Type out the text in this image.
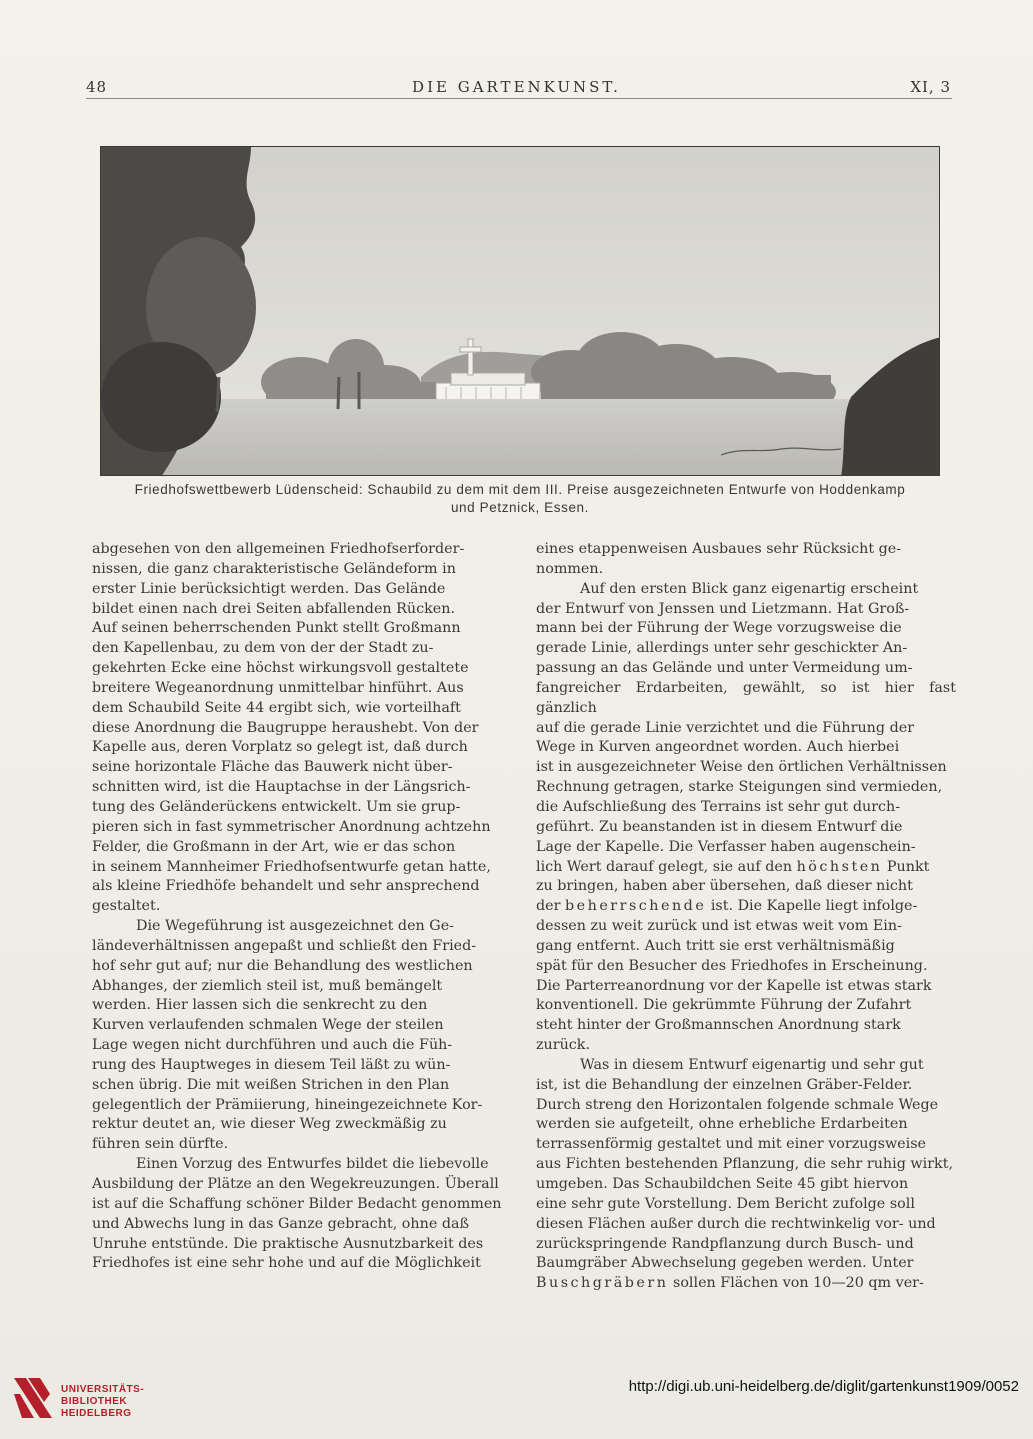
48	DIE GARTENKUNST.	XI, 3
Friedhofswettbewerb Lüdenscheid: Schaubild zu dem mit dem III. Preise ausgezeichneten Entwurfe von Hoddenkamp
und Petznick, Essen.

abgesehen von den allgemeinen Friedhofserforder-

nissen, die ganz charakteristische Geländeform in

erster Linie berücksichtigt werden. Das Gelände

bildet einen nach drei Seiten abfallenden Rücken.

Auf seinen beherrschenden Punkt stellt Großmann

den Kapellenbau, zu dem von der der Stadt zu-

gekehrten Ecke eine höchst wirkungsvoll gestaltete

breitere Wegeanordnung unmittelbar hinführt. Aus

dem Schaubild Seite 44 ergibt sich, wie vorteilhaft

diese Anordnung die Baugruppe heraushebt. Von der

Kapelle aus, deren Vorplatz so gelegt ist, daß durch

seine horizontale Fläche das Bauwerk nicht über-

schnitten wird, ist die Hauptachse in der Längsrich-

tung des Geländerückens entwickelt. Um sie grup-

pieren sich in fast symmetrischer Anordnung achtzehn

Felder, die Großmann in der Art, wie er das schon

in seinem Mannheimer Friedhofsentwurfe getan hatte,

als kleine Friedhöfe behandelt und sehr ansprechend

gestaltet.

Die Wegeführung ist ausgezeichnet den Ge-

ländeverhältnissen angepaßt und schließt den Fried-

hof sehr gut auf; nur die Behandlung des westlichen

Abhanges, der ziemlich steil ist, muß bemängelt

werden. Hier lassen sich die senkrecht zu den

Kurven verlaufenden schmalen Wege der steilen

Lage wegen nicht durchführen und auch die Füh-

rung des Hauptweges in diesem Teil läßt zu wün-

schen übrig. Die mit weißen Strichen in den Plan

gelegentlich der Prämiierung, hineingezeichnete Kor-

rektur deutet an, wie dieser Weg zweckmäßig zu

führen sein dürfte.

Einen Vorzug des Entwurfes bildet die liebevolle

Ausbildung der Plätze an den Wegekreuzungen. Überall

ist auf die Schaffung schöner Bilder Bedacht genommen

und Abwechs lung in das Ganze gebracht, ohne daß

Unruhe entstünde. Die praktische Ausnutzbarkeit des

Friedhofes ist eine sehr hohe und auf die Möglichkeit

eines etappenweisen Ausbaues sehr Rücksicht ge-

nommen.

Auf den ersten Blick ganz eigenartig erscheint

der Entwurf von Jenssen und Lietzmann. Hat Groß-

mann bei der Führung der Wege vorzugsweise die

gerade Linie, allerdings unter sehr geschickter An-

passung an das Gelände und unter Vermeidung um-

fangreicher Erdarbeiten, gewählt, so ist hier fast gänzlich

auf die gerade Linie verzichtet und die Führung der

Wege in Kurven angeordnet worden. Auch hierbei

ist in ausgezeichneter Weise den örtlichen Verhältnissen

Rechnung getragen, starke Steigungen sind vermieden,

die Aufschließung des Terrains ist sehr gut durch-

geführt. Zu beanstanden ist in diesem Entwurf die

Lage der Kapelle. Die Verfasser haben augenschein-

lich Wert darauf gelegt, sie auf den höchsten Punkt

zu bringen, haben aber übersehen, daß dieser nicht

der beherrschende ist. Die Kapelle liegt infolge-

dessen zu weit zurück und ist etwas weit vom Ein-

gang entfernt. Auch tritt sie erst verhältnismäßig

spät für den Besucher des Friedhofes in Erscheinung.

Die Parterreanordnung vor der Kapelle ist etwas stark

konventionell. Die gekrümmte Führung der Zufahrt

steht hinter der Großmannschen Anordnung stark

zurück.

Was in diesem Entwurf eigenartig und sehr gut

ist, ist die Behandlung der einzelnen Gräber-Felder.

Durch streng den Horizontalen folgende schmale Wege

werden sie aufgeteilt, ohne erhebliche Erdarbeiten

terrassenförmig gestaltet und mit einer vorzugsweise

aus Fichten bestehenden Pflanzung, die sehr ruhig wirkt,

umgeben. Das Schaubildchen Seite 45 gibt hiervon

eine sehr gute Vorstellung. Dem Bericht zufolge soll

diesen Flächen außer durch die rechtwinkelig vor- und

zurückspringende Randpflanzung durch Busch- und

Baumgräber Abwechselung gegeben werden. Unter

Buschgräbern sollen Flächen von 10—20 qm ver-

UNIVERSITÄTS-
BIBLIOTHEK
HEIDELBERG
http://digi.ub.uni-heidelberg.de/diglit/gartenkunst1909/0052
